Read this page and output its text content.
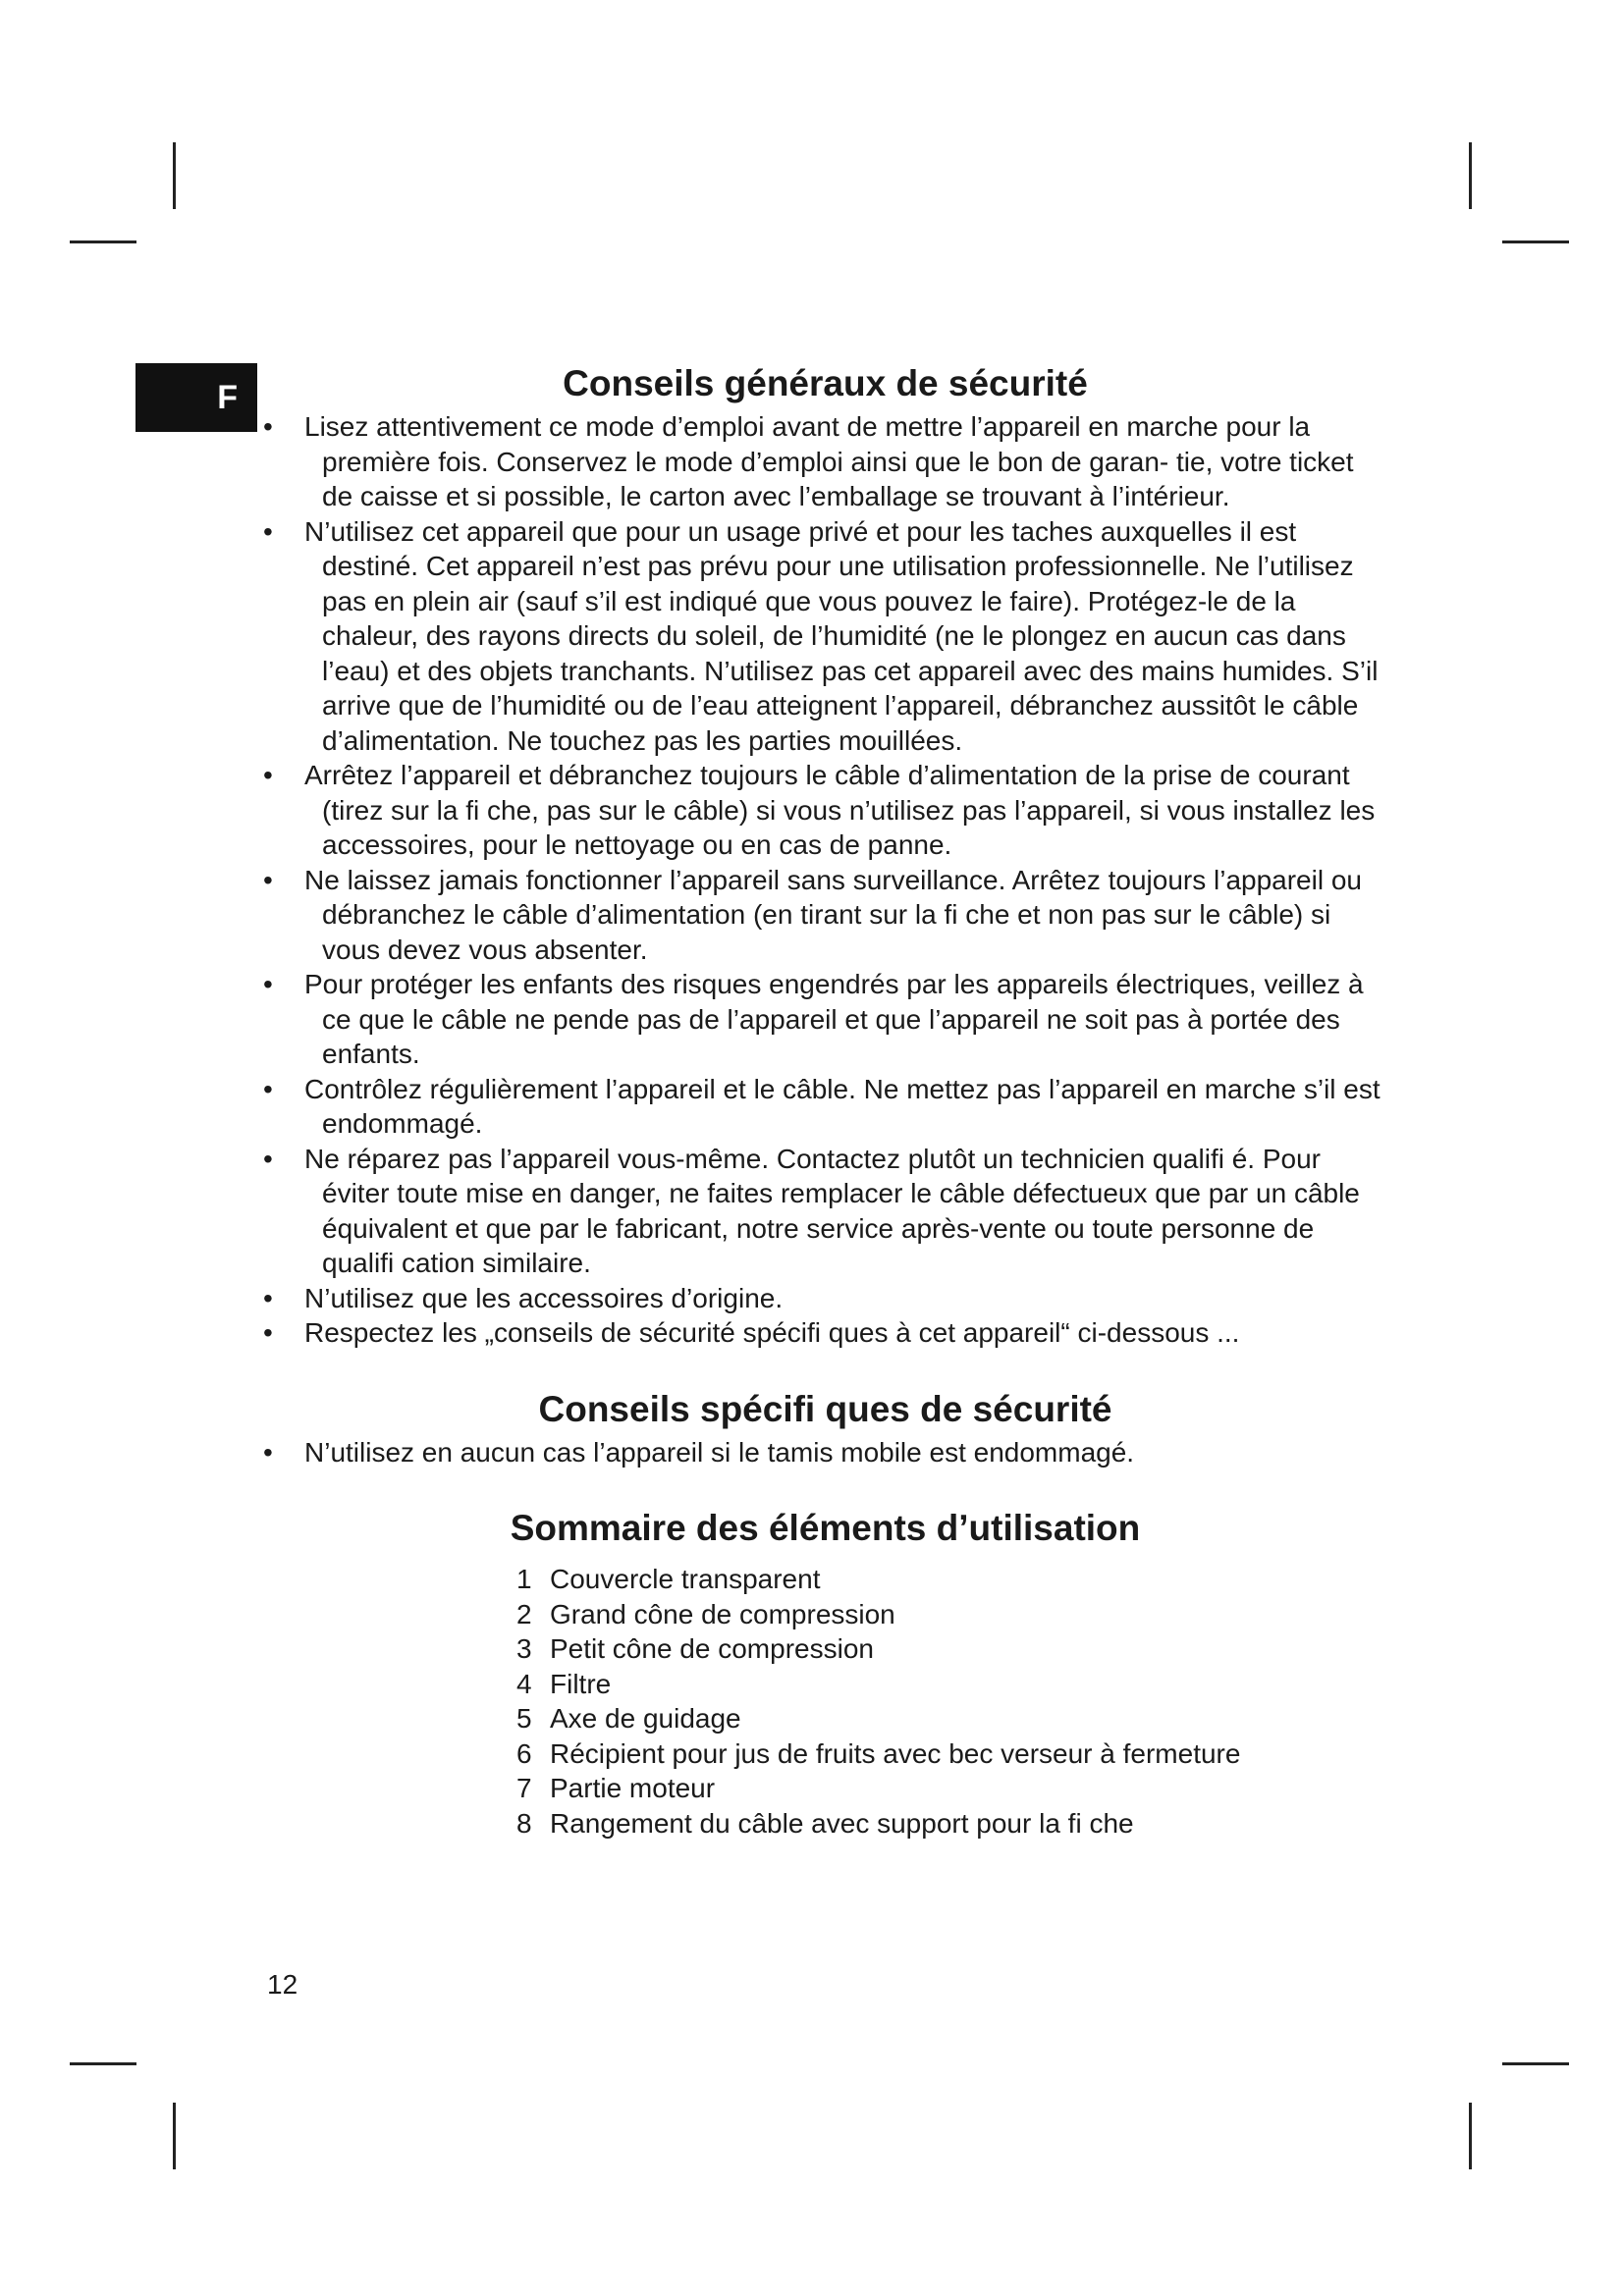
F	Conseils généraux de sécurité
• Lisez attentivement ce mode d’emploi avant de mettre l’appareil en marche pour la première fois. Conservez le mode d’emploi ainsi que le bon de garan- tie, votre ticket de caisse et si possible, le carton avec l’emballage se trouvant à l’intérieur.
• N’utilisez cet appareil que pour un usage privé et pour les taches auxquelles il est destiné. Cet appareil n’est pas prévu pour une utilisation professionnelle. Ne l’utilisez pas en plein air (sauf s’il est indiqué que vous pouvez le faire). Protégez-le de la chaleur, des rayons directs du soleil, de l’humidité (ne le plongez en aucun cas dans l’eau) et des objets tranchants. N’utilisez pas cet appareil avec des mains humides. S’il arrive que de l’humidité ou de l’eau atteignent l’appareil, débranchez aussitôt le câble d’alimentation. Ne touchez pas les parties mouillées.
• Arrêtez l’appareil et débranchez toujours le câble d’alimentation de la prise de courant (tirez sur la fi che, pas sur le câble) si vous n’utilisez pas l’appareil, si vous installez les accessoires, pour le nettoyage ou en cas de panne.
• Ne laissez jamais fonctionner l’appareil sans surveillance. Arrêtez toujours l’appareil ou débranchez le câble d’alimentation (en tirant sur la fi che et non pas sur le câble) si vous devez vous absenter.
• Pour protéger les enfants des risques engendrés par les appareils électriques, veillez à ce que le câble ne pende pas de l’appareil et que l’appareil ne soit pas à portée des enfants.
• Contrôlez régulièrement l’appareil et le câble. Ne mettez pas l’appareil en marche s’il est endommagé.
• Ne réparez pas l’appareil vous-même. Contactez plutôt un technicien qualifi é. Pour éviter toute mise en danger, ne faites remplacer le câble défectueux que par un câble équivalent et que par le fabricant, notre service après-vente ou toute personne de qualifi cation similaire.
• N’utilisez que les accessoires d’origine.
• Respectez les „conseils de sécurité spécifi ques à cet appareil“ ci-dessous ...
Conseils spécifi ques de sécurité
• N’utilisez en aucun cas l’appareil si le tamis mobile est endommagé.
Sommaire des éléments d’utilisation
1 Couvercle transparent
2 Grand cône de compression
3 Petit cône de compression
4 Filtre
5 Axe de guidage
6 Récipient pour jus de fruits avec bec verseur à fermeture
7 Partie moteur
8 Rangement du câble avec support pour la fi che
12
